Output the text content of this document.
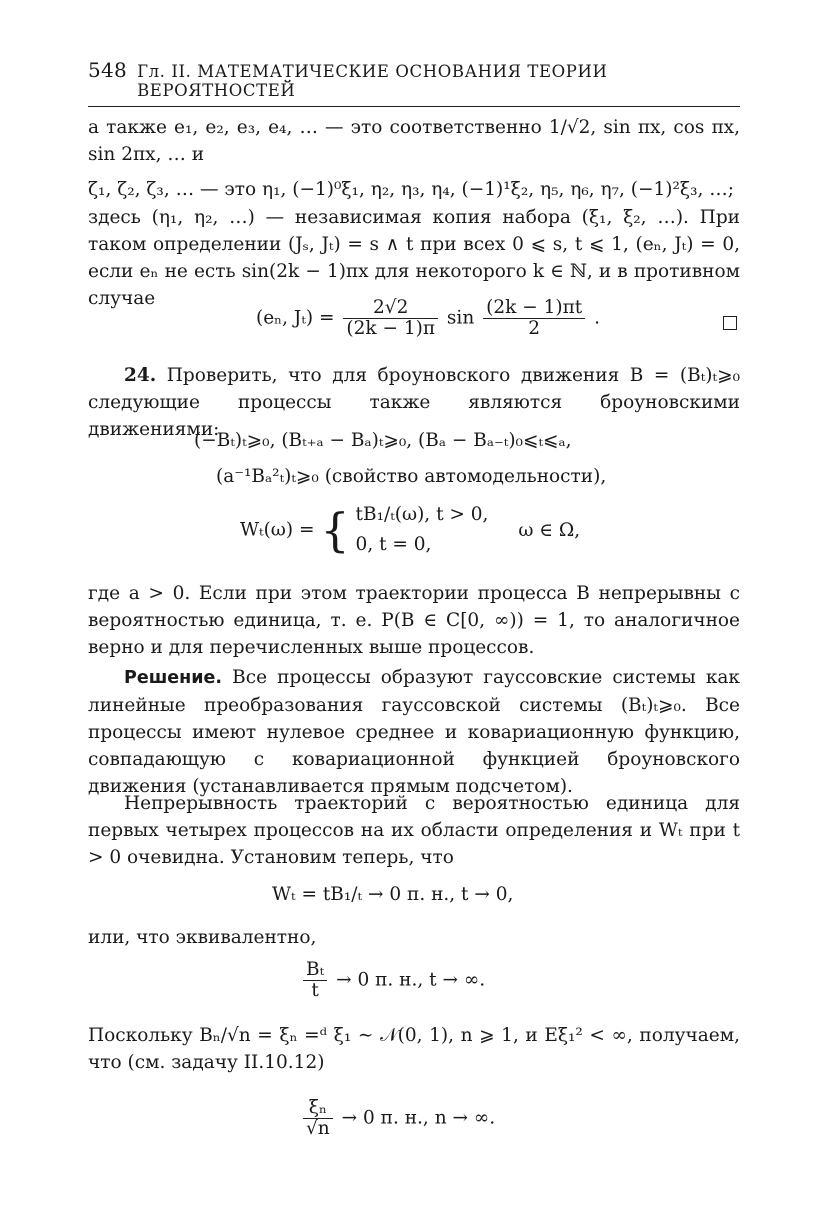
548 Гл. II. МАТЕМАТИЧЕСКИЕ ОСНОВАНИЯ ТЕОРИИ ВЕРОЯТНОСТЕЙ
а также e₁, e₂, e₃, e₄, … — это соответственно 1/√2, sin πx, cos πx, sin 2πx, … и
ζ₁, ζ₂, ζ₃, … — это η₁, (−1)⁰ξ₁, η₂, η₃, η₄, (−1)¹ξ₂, η₅, η₆, η₇, (−1)²ξ₃, …;
здесь (η₁, η₂, …) — независимая копия набора (ξ₁, ξ₂, …). При таком определении (Jₛ, Jₜ) = s ∧ t при всех 0 ⩽ s, t ⩽ 1, (eₙ, Jₜ) = 0, если eₙ не есть sin(2k − 1)πx для некоторого k ∈ ℕ, и в противном случае
(eₙ, $J_t) = \frac{2√2}{(2k - 1)\pi}$ $\sin \frac{(2k - 1)\pi t}{2}$ .
24. Проверить, что для броуновского движения B = (Bₜ)ₜ⩾₀ следующие процессы также являются броуновскими движениями:
(−Bₜ)ₜ⩾₀, (Bₜ₊ₐ − Bₐ)ₜ⩾₀, (Bₐ − Bₐ₋ₜ)₀⩽ₜ⩽ₐ,
(a⁻¹Bₐ²ₜ)ₜ⩾₀ (свойство автомодельности),
Wₜ(ω) = { tB₁/ₜ(ω), t > 0,
0, t = 0,
ω ∈ Ω,
где a > 0. Если при этом траектории процесса B непрерывны с вероятностью единица, т. е. P(B ∈ C[0, ∞)) = 1, то аналогичное верно и для перечисленных выше процессов.
Решение. Все процессы образуют гауссовские системы как линейные преобразования гауссовской системы (Bₜ)ₜ⩾₀. Все процессы имеют нулевое среднее и ковариационную функцию, совпадающую с ковариационной функцией броуновского движения (устанавливается прямым подсчетом).
Непрерывность траекторий с вероятностью единица для первых четырех процессов на их области определения и Wₜ при t > 0 очевидна. Установим теперь, что
Wₜ = tB₁/ₜ → 0 п. н., t → 0,
или, что эквивалентно,
$\frac{\text{Bₜ}}{t} \to 0$ п. н., t → ∞.
Поскольку Bₙ/√n = ξₙ =ᵈ ξ₁ ∼ 𝒩(0, 1), n ⩾ 1, и Eξ₁² < ∞, получаем, что (см. задачу II.10.12)
$\frac{\text{ξₙ}}{√n} \to 0$ п. н., n → ∞.
